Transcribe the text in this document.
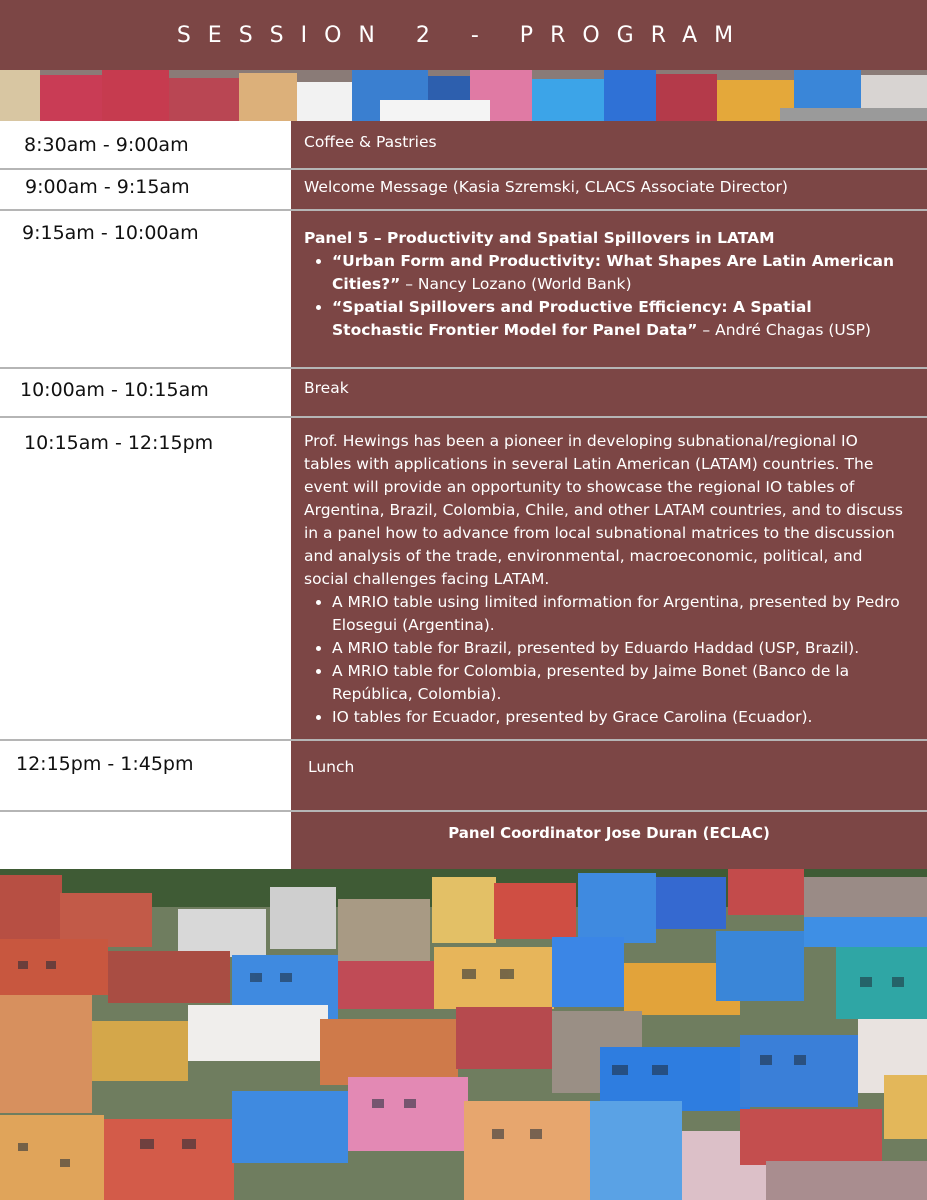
SESSION 2 - PROGRAM
8:30am - 9:00am	Coffee & Pastries
9:00am - 9:15am	Welcome Message (Kasia Szremski, CLACS Associate Director)
9:15am - 10:00am	Panel 5 – Productivity and Spatial Spillovers in LATAM
• “Urban Form and Productivity: What Shapes Are Latin American Cities?” – Nancy Lozano (World Bank)
• “Spatial Spillovers and Productive Efficiency: A Spatial Stochastic Frontier Model for Panel Data” – André Chagas (USP)
10:00am - 10:15am	Break
10:15am - 12:15pm	Prof. Hewings has been a pioneer in developing subnational/regional IO tables with applications in several Latin American (LATAM) countries. The event will provide an opportunity to showcase the regional IO tables of Argentina, Brazil, Colombia, Chile, and other LATAM countries, and to discuss in a panel how to advance from local subnational matrices to the discussion and analysis of the trade, environmental, macroeconomic, political, and social challenges facing LATAM.
• A MRIO table using limited information for Argentina, presented by Pedro Elosegui (Argentina).
• A MRIO table for Brazil, presented by Eduardo Haddad (USP, Brazil).
• A MRIO table for Colombia, presented by Jaime Bonet (Banco de la República, Colombia).
• IO tables for Ecuador, presented by Grace Carolina (Ecuador).
12:15pm - 1:45pm	Lunch
Panel Coordinator Jose Duran (ECLAC)
